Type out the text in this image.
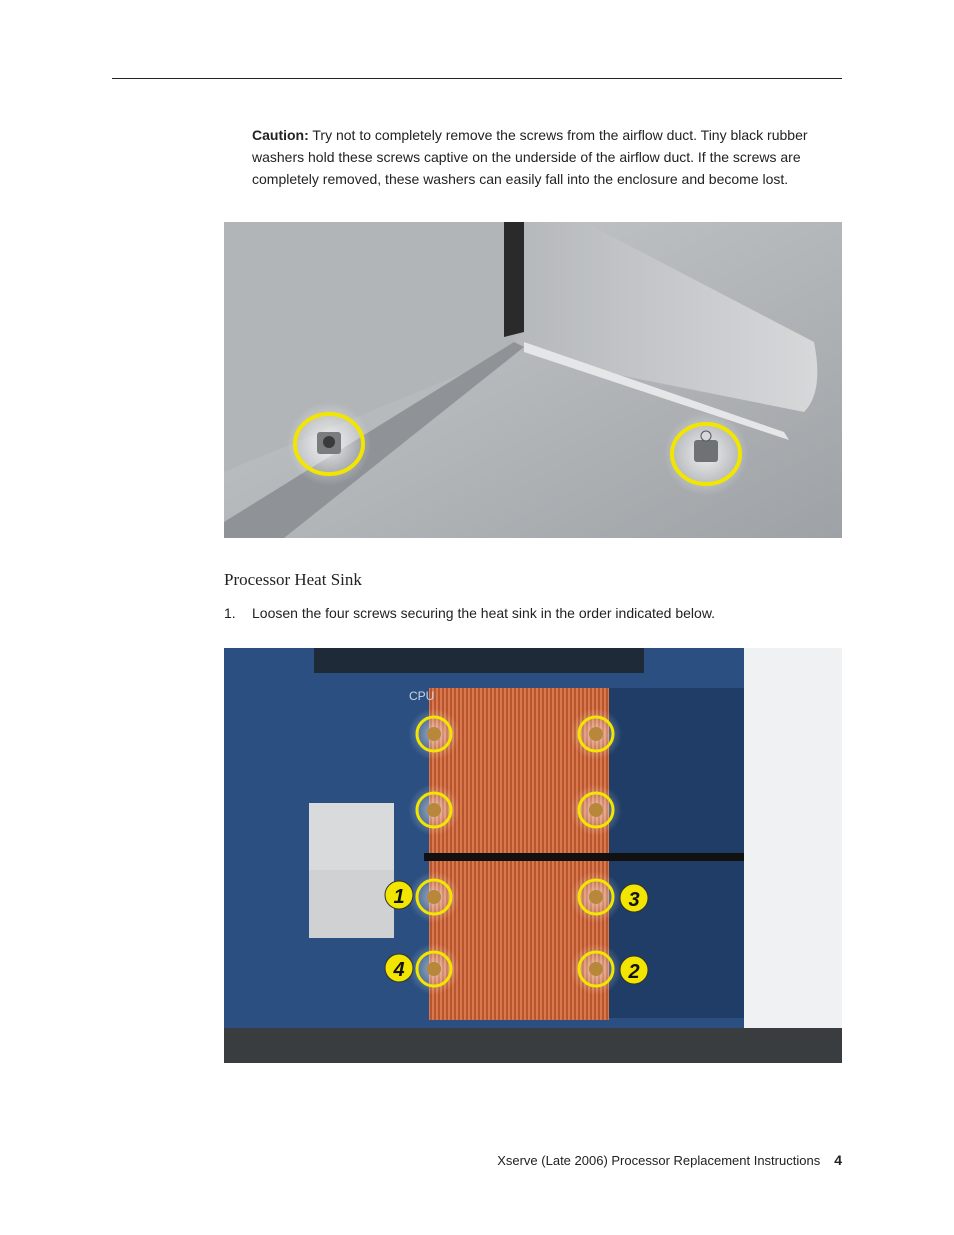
Caution: Try not to completely remove the screws from the airflow duct. Tiny black rubber washers hold these screws captive on the underside of the airflow duct. If the screws are completely removed, these washers can easily fall into the enclosure and become lost.

Processor Heat Sink
1. Loosen the four screws securing the heat sink in the order indicated below.
CPU
1
2
3
4
Xserve (Late 2006) Processor Replacement Instructions 4
